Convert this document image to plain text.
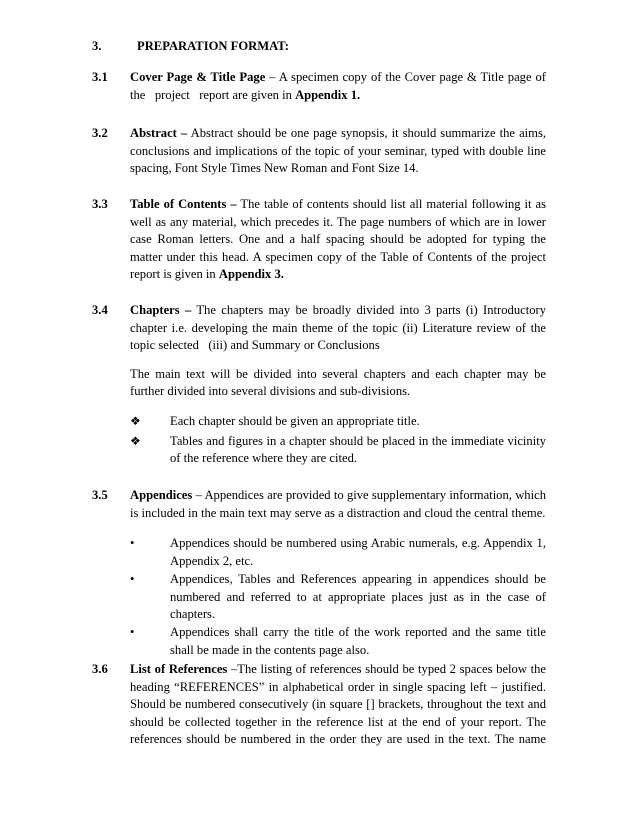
3.	PREPARATION FORMAT:
3.1 Cover Page & Title Page – A specimen copy of the Cover page & Title page of
the   project   report are given in Appendix 1.
3.2 Abstract – Abstract should be one page synopsis, it should summarize the aims,
conclusions and implications of the topic of your seminar, typed with double line
spacing, Font Style Times New Roman and Font Size 14.
3.3 Table of Contents – The table of contents should list all material following it as
well as any material, which precedes it. The page numbers of which are in lower
case Roman letters. One and a half spacing should be adopted for typing the
matter under this head. A specimen copy of the Table of Contents of the project
report is given in Appendix 3.
3.4 Chapters – The chapters may be broadly divided into 3 parts (i) Introductory
chapter i.e. developing the main theme of the topic (ii) Literature review of the
topic selected   (iii) and Summary or Conclusions
The main text will be divided into several chapters and each chapter may be
further divided into several divisions and sub-divisions.
❖	Each chapter should be given an appropriate title.
❖	Tables and figures in a chapter should be placed in the immediate vicinity
of the reference where they are cited.
3.5 Appendices – Appendices are provided to give supplementary information, which
is included in the main text may serve as a distraction and cloud the central theme.
•	Appendices should be numbered using Arabic numerals, e.g. Appendix 1,
Appendix 2, etc.
•	Appendices, Tables and References appearing in appendices should be
numbered and referred to at appropriate places just as in the case of
chapters.
•	Appendices shall carry the title of the work reported and the same title
shall be made in the contents page also.
3.6 List of References –The listing of references should be typed 2 spaces below the
heading “REFERENCES” in alphabetical order in single spacing left – justified.
Should be numbered consecutively (in square [] brackets, throughout the text and
should be collected together in the reference list at the end of your report. The
references should be numbered in the order they are used in the text. The name
